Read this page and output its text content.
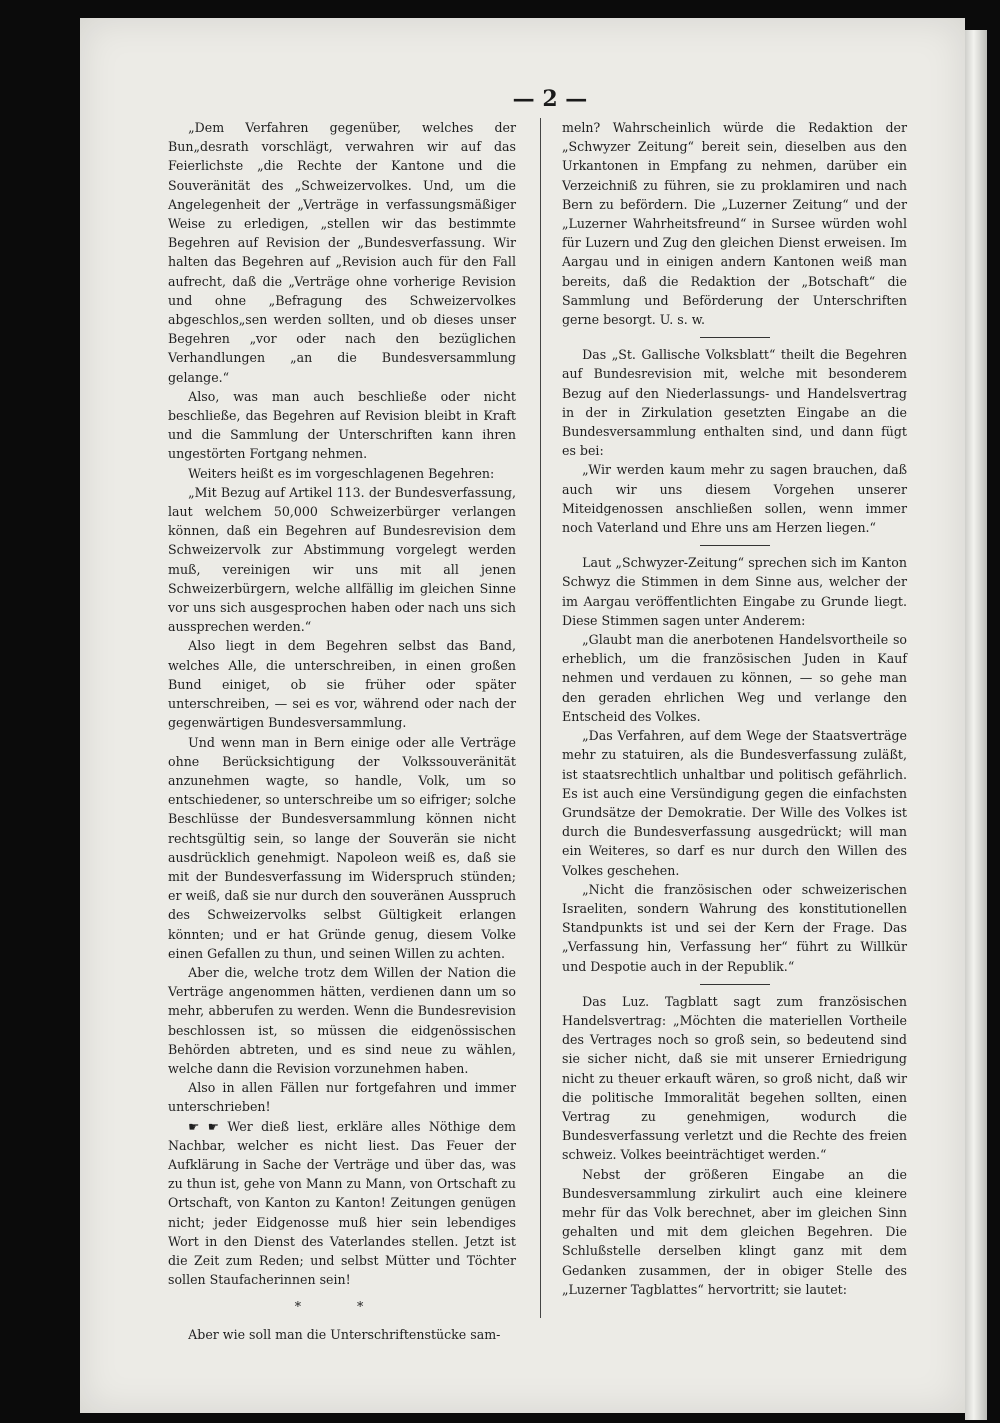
— 2 —

„Dem Verfahren gegenüber, welches der Bun„desrath vorschlägt, verwahren wir auf das Feierlichste „die Rechte der Kantone und die Souveränität des „Schweizervolkes. Und, um die Angelegenheit der „Verträge in verfassungsmäßiger Weise zu erledigen, „stellen wir das bestimmte Begehren auf Revision der „Bundesverfassung. Wir halten das Begehren auf „Revision auch für den Fall aufrecht, daß die „Verträge ohne vorherige Revision und ohne „Befragung des Schweizervolkes abgeschlos„sen werden sollten, und ob dieses unser Begehren „vor oder nach den bezüglichen Verhandlungen „an die Bundesversammlung gelange.“

Also, was man auch beschließe oder nicht beschließe, das Begehren auf Revision bleibt in Kraft und die Sammlung der Unterschriften kann ihren ungestörten Fortgang nehmen.

Weiters heißt es im vorgeschlagenen Begehren:

„Mit Bezug auf Artikel 113. der Bundesverfassung, laut welchem 50,000 Schweizerbürger verlangen können, daß ein Begehren auf Bundesrevision dem Schweizervolk zur Abstimmung vorgelegt werden muß, vereinigen wir uns mit all jenen Schweizerbürgern, welche allfällig im gleichen Sinne vor uns sich ausgesprochen haben oder nach uns sich aussprechen werden.“

Also liegt in dem Begehren selbst das Band, welches Alle, die unterschreiben, in einen großen Bund einiget, ob sie früher oder später unterschreiben, — sei es vor, während oder nach der gegenwärtigen Bundesversammlung.

Und wenn man in Bern einige oder alle Verträge ohne Berücksichtigung der Volkssouveränität anzunehmen wagte, so handle, Volk, um so entschiedener, so unterschreibe um so eifriger; solche Beschlüsse der Bundesversammlung können nicht rechtsgültig sein, so lange der Souverän sie nicht ausdrücklich genehmigt. Napoleon weiß es, daß sie mit der Bundesverfassung im Widerspruch stünden; er weiß, daß sie nur durch den souveränen Ausspruch des Schweizervolks selbst Gültigkeit erlangen könnten; und er hat Gründe genug, diesem Volke einen Gefallen zu thun, und seinen Willen zu achten.

Aber die, welche trotz dem Willen der Nation die Verträge angenommen hätten, verdienen dann um so mehr, abberufen zu werden. Wenn die Bundesrevision beschlossen ist, so müssen die eidgenössischen Behörden abtreten, und es sind neue zu wählen, welche dann die Revision vorzunehmen haben.

Also in allen Fällen nur fortgefahren und immer unterschrieben!

☛ ☛ Wer dieß liest, erkläre alles Nöthige dem Nachbar, welcher es nicht liest. Das Feuer der Aufklärung in Sache der Verträge und über das, was zu thun ist, gehe von Mann zu Mann, von Ortschaft zu Ortschaft, von Kanton zu Kanton! Zeitungen genügen nicht; jeder Eidgenosse muß hier sein lebendiges Wort in den Dienst des Vaterlandes stellen. Jetzt ist die Zeit zum Reden; und selbst Mütter und Töchter sollen Staufacherinnen sein!

* *

Aber wie soll man die Unterschriftenstücke sam-

meln? Wahrscheinlich würde die Redaktion der „Schwyzer Zeitung“ bereit sein, dieselben aus den Urkantonen in Empfang zu nehmen, darüber ein Verzeichniß zu führen, sie zu proklamiren und nach Bern zu befördern. Die „Luzerner Zeitung“ und der „Luzerner Wahrheitsfreund“ in Sursee würden wohl für Luzern und Zug den gleichen Dienst erweisen. Im Aargau und in einigen andern Kantonen weiß man bereits, daß die Redaktion der „Botschaft“ die Sammlung und Beförderung der Unterschriften gerne besorgt. U. s. w.

Das „St. Gallische Volksblatt“ theilt die Begehren auf Bundesrevision mit, welche mit besonderem Bezug auf den Niederlassungs- und Handelsvertrag in der in Zirkulation gesetzten Eingabe an die Bundesversammlung enthalten sind, und dann fügt es bei:

„Wir werden kaum mehr zu sagen brauchen, daß auch wir uns diesem Vorgehen unserer Miteidgenossen anschließen sollen, wenn immer noch Vaterland und Ehre uns am Herzen liegen.“

Laut „Schwyzer-Zeitung“ sprechen sich im Kanton Schwyz die Stimmen in dem Sinne aus, welcher der im Aargau veröffentlichten Eingabe zu Grunde liegt. Diese Stimmen sagen unter Anderem:

„Glaubt man die anerbotenen Handelsvortheile so erheblich, um die französischen Juden in Kauf nehmen und verdauen zu können, — so gehe man den geraden ehrlichen Weg und verlange den Entscheid des Volkes.

„Das Verfahren, auf dem Wege der Staatsverträge mehr zu statuiren, als die Bundesverfassung zuläßt, ist staatsrechtlich unhaltbar und politisch gefährlich. Es ist auch eine Versündigung gegen die einfachsten Grundsätze der Demokratie. Der Wille des Volkes ist durch die Bundesverfassung ausgedrückt; will man ein Weiteres, so darf es nur durch den Willen des Volkes geschehen.

„Nicht die französischen oder schweizerischen Israeliten, sondern Wahrung des konstitutionellen Standpunkts ist und sei der Kern der Frage. Das „Verfassung hin, Verfassung her“ führt zu Willkür und Despotie auch in der Republik.“

Das Luz. Tagblatt sagt zum französischen Handelsvertrag: „Möchten die materiellen Vortheile des Vertrages noch so groß sein, so bedeutend sind sie sicher nicht, daß sie mit unserer Erniedrigung nicht zu theuer erkauft wären, so groß nicht, daß wir die politische Immoralität begehen sollten, einen Vertrag zu genehmigen, wodurch die Bundesverfassung verletzt und die Rechte des freien schweiz. Volkes beeinträchtiget werden.“

Nebst der größeren Eingabe an die Bundesversammlung zirkulirt auch eine kleinere mehr für das Volk berechnet, aber im gleichen Sinn gehalten und mit dem gleichen Begehren. Die Schlußstelle derselben klingt ganz mit dem Gedanken zusammen, der in obiger Stelle des „Luzerner Tagblattes“ hervortritt; sie lautet:
